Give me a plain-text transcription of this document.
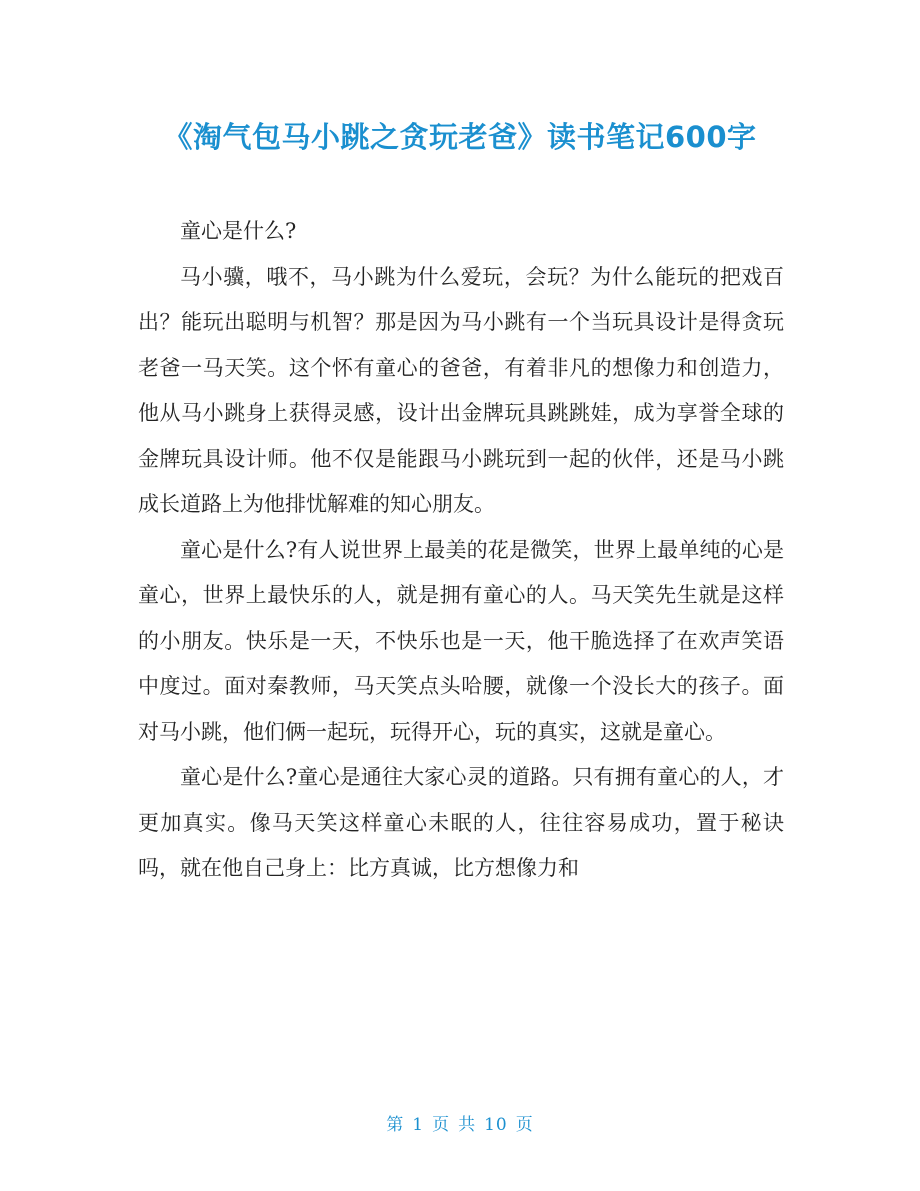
《淘气包马小跳之贪玩老爸》读书笔记600字

童心是什么?

马小骥，哦不，马小跳为什么爱玩，会玩？为什么能玩的把戏百出？能玩出聪明与机智？那是因为马小跳有一个当玩具设计是得贪玩老爸一马天笑。这个怀有童心的爸爸，有着非凡的想像力和创造力，他从马小跳身上获得灵感，设计出金牌玩具跳跳娃，成为享誉全球的金牌玩具设计师。他不仅是能跟马小跳玩到一起的伙伴，还是马小跳成长道路上为他排忧解难的知心朋友。

童心是什么?有人说世界上最美的花是微笑，世界上最单纯的心是童心，世界上最快乐的人，就是拥有童心的人。马天笑先生就是这样的小朋友。快乐是一天，不快乐也是一天，他干脆选择了在欢声笑语中度过。面对秦教师，马天笑点头哈腰，就像一个没长大的孩子。面对马小跳，他们俩一起玩，玩得开心，玩的真实，这就是童心。

童心是什么?童心是通往大家心灵的道路。只有拥有童心的人，才更加真实。像马天笑这样童心未眠的人，往往容易成功，置于秘诀吗，就在他自己身上：比方真诚，比方想像力和

第 1 页 共 10 页
